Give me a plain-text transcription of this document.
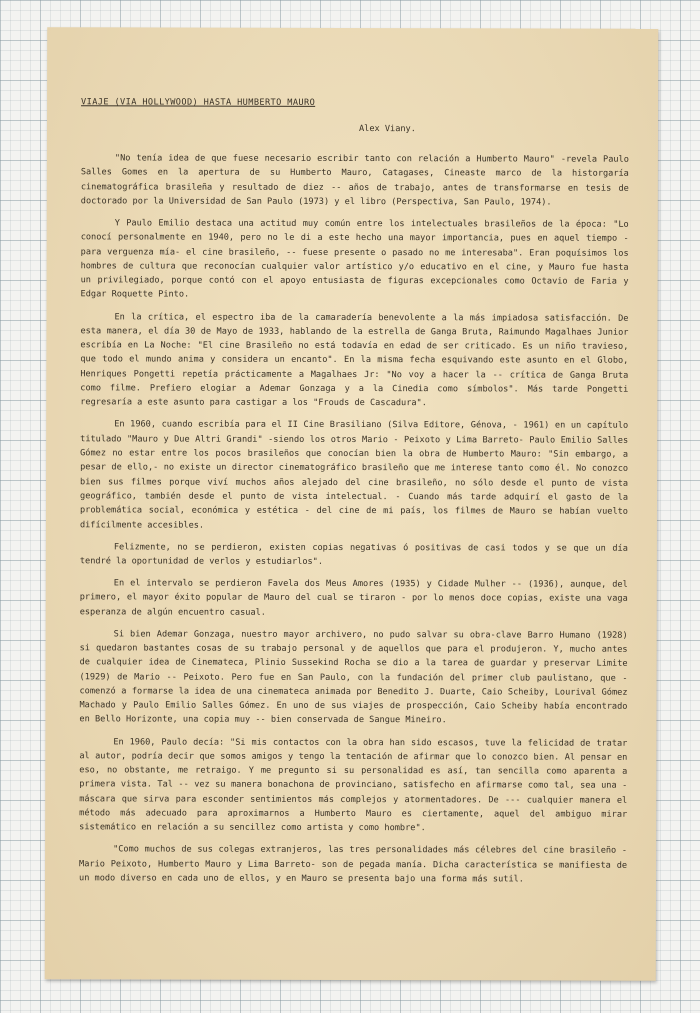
VIAJE (VIA HOLLYWOOD) HASTA HUMBERTO MAURO
Alex Viany.

"No tenía idea de que fuese necesario escribir tanto con relación a Humberto Mauro" -revela Paulo Salles Gomes en la apertura de su Humberto Mauro, Catagases, Cineaste marco de la historgaría cinematográfica brasileña y resultado de diez -- años de trabajo, antes de transformarse en tesis de doctorado por la Universidad de San Paulo (1973) y el libro (Perspectiva, San Paulo, 1974).

Y Paulo Emilio destaca una actitud muy común entre los intelectuales brasileños de la época: "Lo conocí personalmente en 1940, pero no le di a este hecho una mayor importancia, pues en aquel tiempo -para verguenza mía- el cine brasileño, -- fuese presente o pasado no me interesaba". Eran poquísimos los hombres de cultura que reconocían cualquier valor artístico y/o educativo en el cine, y Mauro fue hasta un privilegiado, porque contó con el apoyo entusiasta de figuras excepcionales como Octavio de Faria y Edgar Roquette Pinto.

En la crítica, el espectro iba de la camaradería benevolente a la más impiadosa satisfacción. De esta manera, el día 30 de Mayo de 1933, hablando de la estrella de Ganga Bruta, Raimundo Magalhaes Junior escribía en La Noche: "El cine Brasileño no está todavía en edad de ser criticado. Es un niño travieso, que todo el mundo anima y considera un encanto". En la misma fecha esquivando este asunto en el Globo, Henriques Pongetti repetía prácticamente a Magalhaes Jr: "No voy a hacer la -- crítica de Ganga Bruta como filme. Prefiero elogiar a Ademar Gonzaga y a la Cinedia como símbolos". Más tarde Pongetti regresaría a este asunto para castigar a los "Frouds de Cascadura".

En 1960, cuando escribía para el II Cine Brasiliano (Silva Editore, Génova, - 1961) en un capítulo titulado "Mauro y Due Altri Grandi" -siendo los otros Mario - Peixoto y Lima Barreto- Paulo Emilio Salles Gómez no estar entre los pocos brasileños que conocían bien la obra de Humberto Mauro: "Sin embargo, a pesar de ello,- no existe un director cinematográfico brasileño que me interese tanto como él. No conozco bien sus filmes porque viví muchos años alejado del cine brasileño, no sólo desde el punto de vista geográfico, también desde el punto de vista intelectual. - Cuando más tarde adquirí el gasto de la problemática social, económica y estética - del cine de mi país, los filmes de Mauro se habían vuelto difícilmente accesibles.

Felizmente, no se perdieron, existen copias negativas ó positivas de casi todos y se que un día tendré la oportunidad de verlos y estudiarlos".

En el intervalo se perdieron Favela dos Meus Amores (1935) y Cidade Mulher -- (1936), aunque, del primero, el mayor éxito popular de Mauro del cual se tiraron - por lo menos doce copias, existe una vaga esperanza de algún encuentro casual.

Si bien Ademar Gonzaga, nuestro mayor archivero, no pudo salvar su obra-clave Barro Humano (1928) si quedaron bastantes cosas de su trabajo personal y de aquellos que para el produjeron. Y, mucho antes de cualquier idea de Cinemateca, Plinio Sussekind Rocha se dio a la tarea de guardar y preservar Limite (1929) de Mario -- Peixoto. Pero fue en San Paulo, con la fundación del primer club paulistano, que - comenzó a formarse la idea de una cinemateca animada por Benedito J. Duarte, Caio Scheiby, Lourival Gómez Machado y Paulo Emilio Salles Gómez. En uno de sus viajes de prospección, Caio Scheiby había encontrado en Bello Horizonte, una copia muy -- bien conservada de Sangue Mineiro.

En 1960, Paulo decía: "Si mis contactos con la obra han sido escasos, tuve la felicidad de tratar al autor, podría decir que somos amigos y tengo la tentación de afirmar que lo conozco bien. Al pensar en eso, no obstante, me retraigo. Y me pregunto si su personalidad es así, tan sencilla como aparenta a primera vista. Tal -- vez su manera bonachona de provinciano, satisfecho en afirmarse como tal, sea una - máscara que sirva para esconder sentimientos más complejos y atormentadores. De --- cualquier manera el método más adecuado para aproximarnos a Humberto Mauro es ciertamente, aquel del ambiguo mirar sistemático en relación a su sencillez como artista y como hombre".

"Como muchos de sus colegas extranjeros, las tres personalidades más célebres del cine brasileño -Mario Peixoto, Humberto Mauro y Lima Barreto- son de pegada manía. Dicha característica se manifiesta de un modo diverso en cada uno de ellos, y en Mauro se presenta bajo una forma más sutil.
